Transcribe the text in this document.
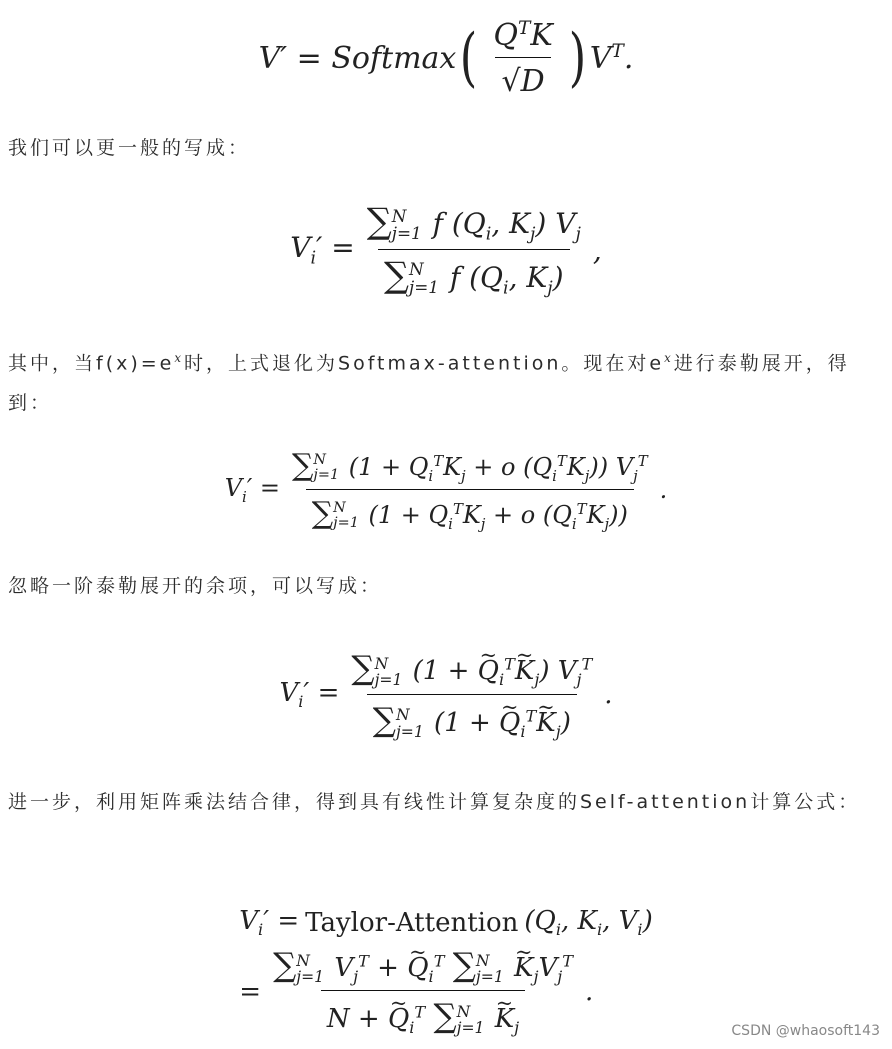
V′ = Softmax ( $\frac{Q^TK}{√D}$ ) $V^T$.
我们可以更一般的写成：
$V_i'$ = ∑ N
j=1 f ($Q_i$, $K_j$) $V_j$
∑ N
j=1 f ($Q_i$, $K_j$) ,
其中，当$f(x)=e^x$时，上式退化为Softmax-attention。现在对$e^x$进行泰勒展开，得到：
$V_i'$ = ∑ N
j=1 ($1 + Q_i^TK_j + o$ $(Q_i^TK_j)$) $V_j^T$
∑ N
j=1 ($1 + Q_i^TK_j + o$ $(Q_i^TK_j)$) .
忽略一阶泰勒展开的余项，可以写成：
$V_i'$ = ∑ N
j=1 (1 + ~ $Q_i^T\sim$ $K_j$) $V_j^T$
∑ N
j=1 (1 + ~ $Q_i^T\sim$ $K_j$) .
进一步，利用矩阵乘法结合律，得到具有线性计算复杂度的Self-attention计算公式：
$V_i'$ = Taylor-Attention ($Q_i$, $K_i$, $V_i$)
= ∑ N
j=1 $V_j^T$ + ~ $Q_i^T$ ∑ N
j=1 ~ $K_jV_j^T$
N + ~ $Q_i^T$ ∑ N
j=1 ~ $K_j$ .
CSDN @whaosoft143
